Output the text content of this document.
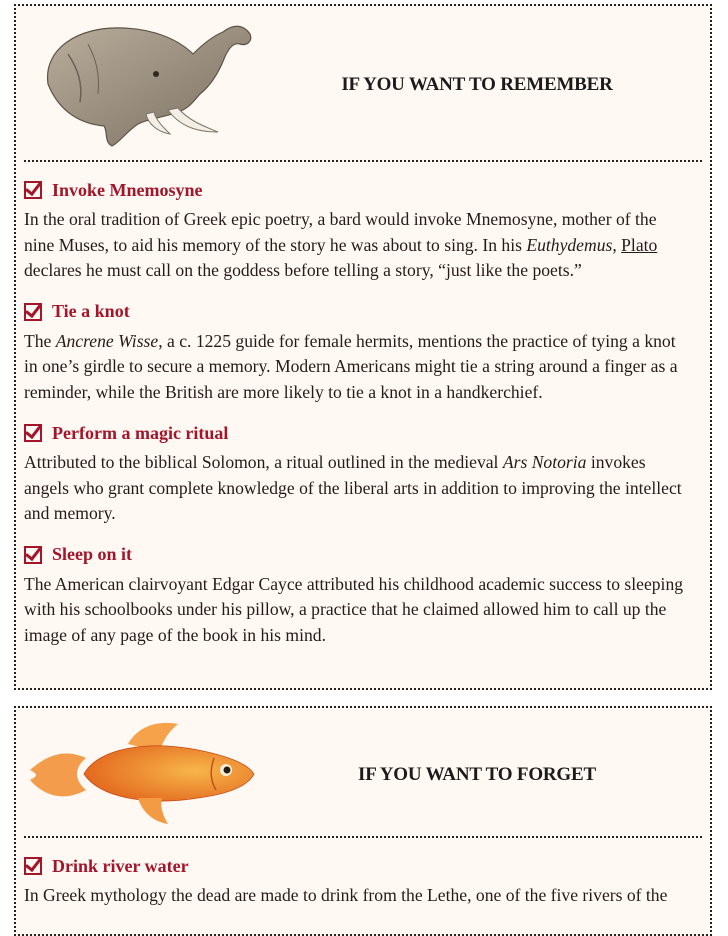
IF YOU WANT TO REMEMBER
Invoke Mnemosyne
In the oral tradition of Greek epic poetry, a bard would invoke Mnemosyne, mother of the nine Muses, to aid his memory of the story he was about to sing. In his Euthydemus, Plato declares he must call on the goddess before telling a story, “just like the poets.”
Tie a knot
The Ancrene Wisse, a c. 1225 guide for female hermits, mentions the practice of tying a knot in one’s girdle to secure a memory. Modern Americans might tie a string around a finger as a reminder, while the British are more likely to tie a knot in a handkerchief.
Perform a magic ritual
Attributed to the biblical Solomon, a ritual outlined in the medieval Ars Notoria invokes angels who grant complete knowledge of the liberal arts in addition to improving the intellect and memory.
Sleep on it
The American clairvoyant Edgar Cayce attributed his childhood academic success to sleeping with his schoolbooks under his pillow, a practice that he claimed allowed him to call up the image of any page of the book in his mind.
IF YOU WANT TO FORGET
Drink river water
In Greek mythology the dead are made to drink from the Lethe, one of the five rivers of the
